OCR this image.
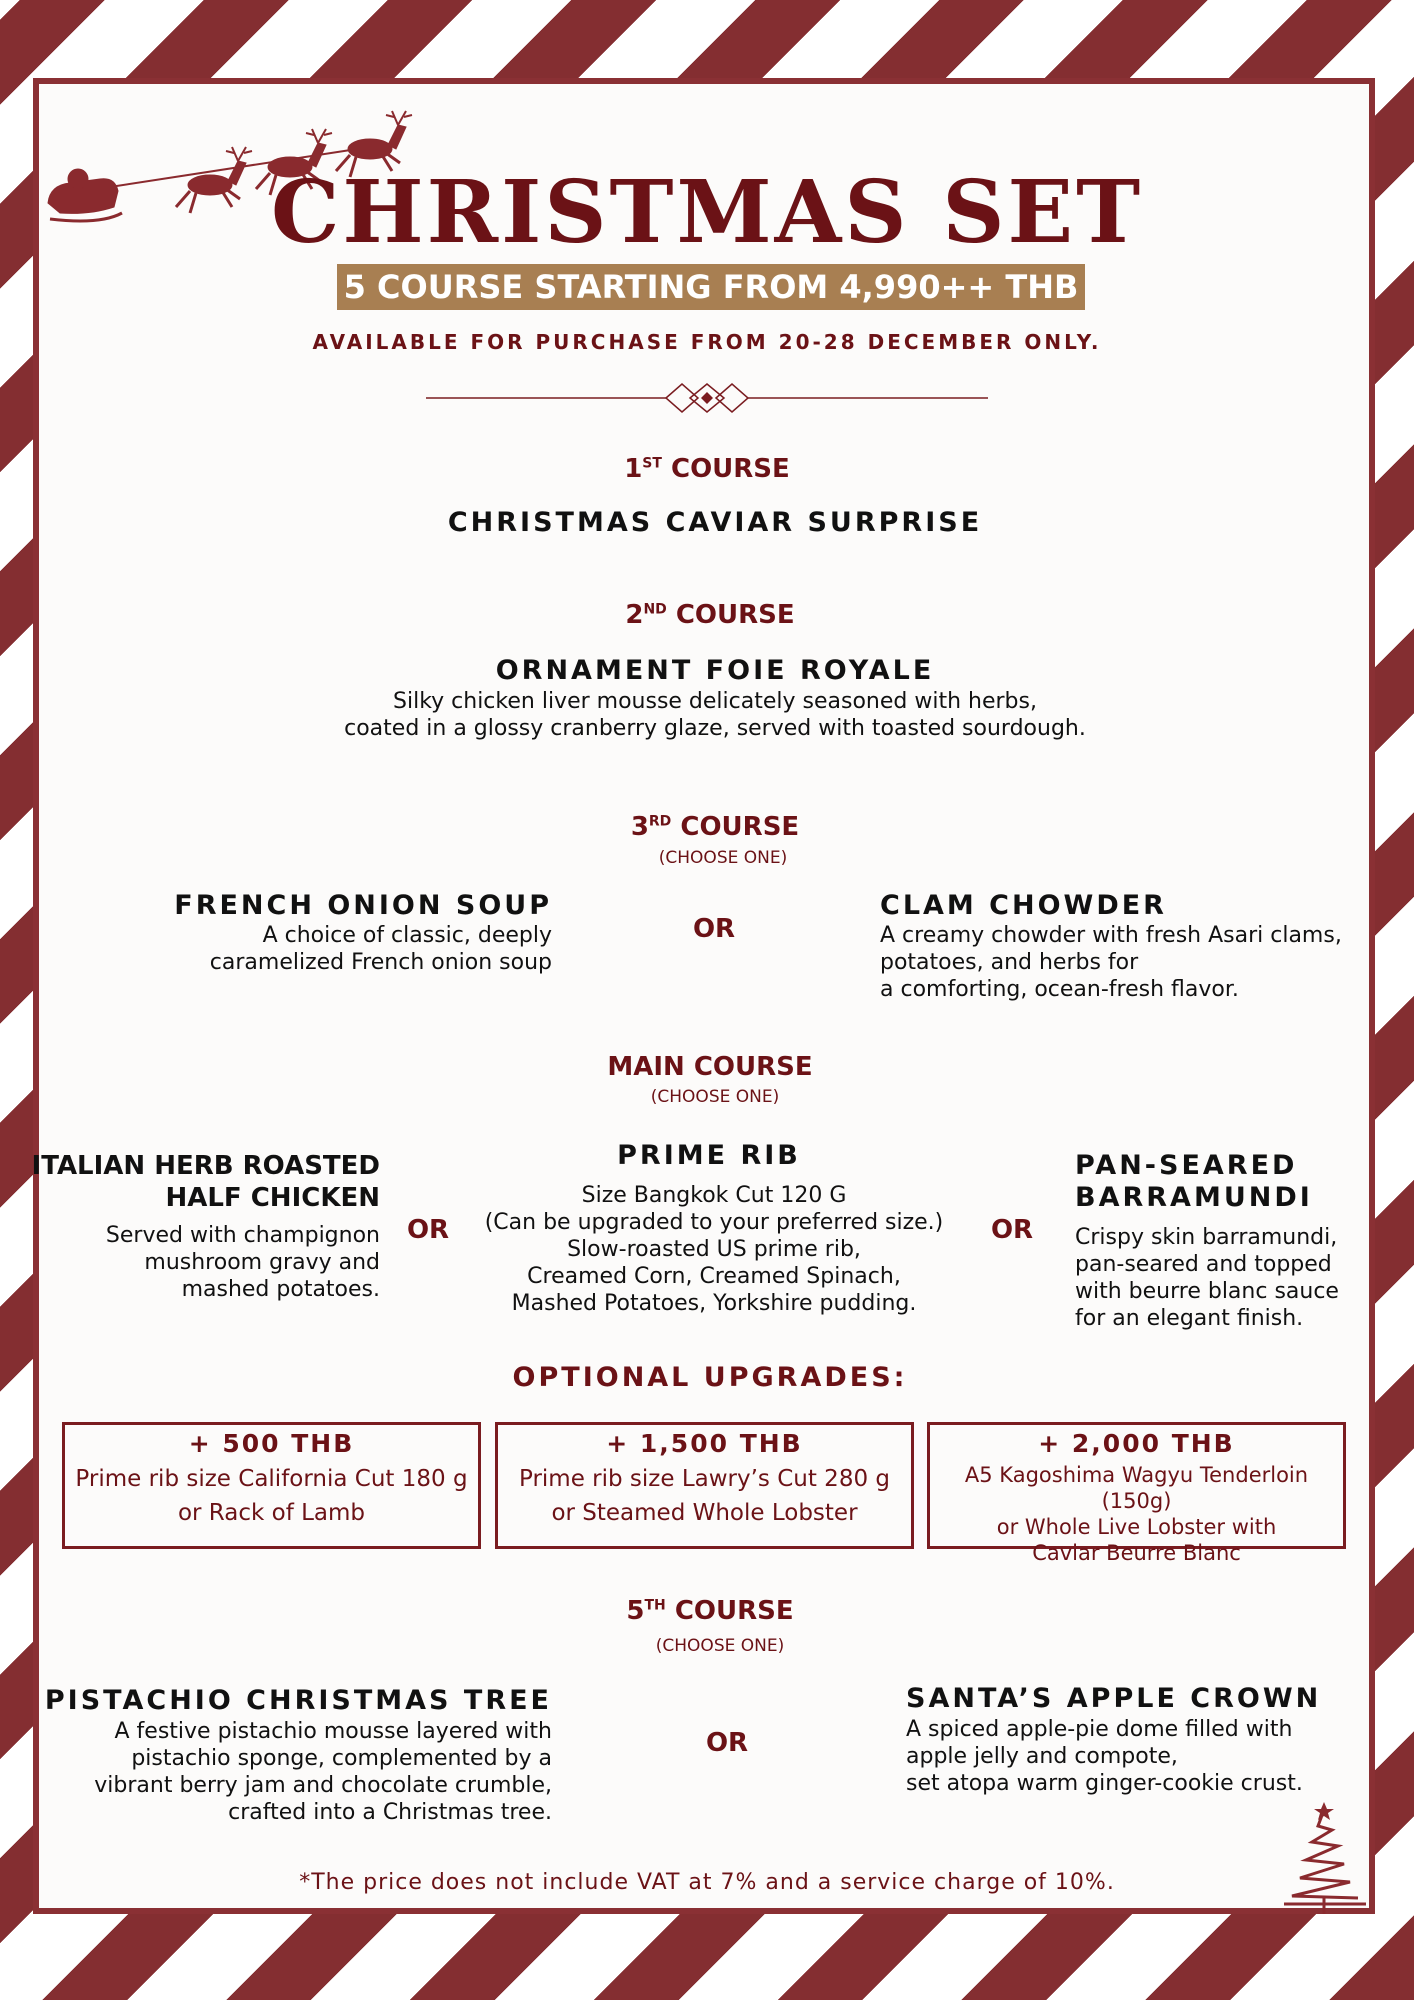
CHRISTMAS SET
5 COURSE STARTING FROM 4,990++ THB
AVAILABLE FOR PURCHASE FROM 20-28 DECEMBER ONLY.
1ST COURSE
CHRISTMAS CAVIAR SURPRISE
2ND COURSE
ORNAMENT FOIE ROYALE
Silky chicken liver mousse delicately seasoned with herbs,
coated in a glossy cranberry glaze, served with toasted sourdough.
3RD COURSE
(CHOOSE ONE)
FRENCH ONION SOUP
A choice of classic, deeply
caramelized French onion soup
OR
CLAM CHOWDER
A creamy chowder with fresh Asari clams,
potatoes, and herbs for
a comforting, ocean-fresh flavor.
MAIN COURSE
(CHOOSE ONE)
ITALIAN HERB ROASTED
HALF CHICKEN
Served with champignon
mushroom gravy and
mashed potatoes.
OR
PRIME RIB
Size Bangkok Cut 120 G
(Can be upgraded to your preferred size.)
Slow-roasted US prime rib,
Creamed Corn, Creamed Spinach,
Mashed Potatoes, Yorkshire pudding.
OR
PAN-SEARED
BARRAMUNDI
Crispy skin barramundi,
pan-seared and topped
with beurre blanc sauce
for an elegant finish.
OPTIONAL UPGRADES:
+ 500 THB
Prime rib size California Cut 180 g
or Rack of Lamb
+ 1,500 THB
Prime rib size Lawry’s Cut 280 g
or Steamed Whole Lobster
+ 2,000 THB
A5 Kagoshima Wagyu Tenderloin (150g)
or Whole Live Lobster with
Caviar Beurre Blanc
5TH COURSE
(CHOOSE ONE)
PISTACHIO CHRISTMAS TREE
A festive pistachio mousse layered with
pistachio sponge, complemented by a
vibrant berry jam and chocolate crumble,
crafted into a Christmas tree.
OR
SANTA’S APPLE CROWN
A spiced apple-pie dome filled with
apple jelly and compote,
set atopa warm ginger-cookie crust.
*The price does not include VAT at 7% and a service charge of 10%.
